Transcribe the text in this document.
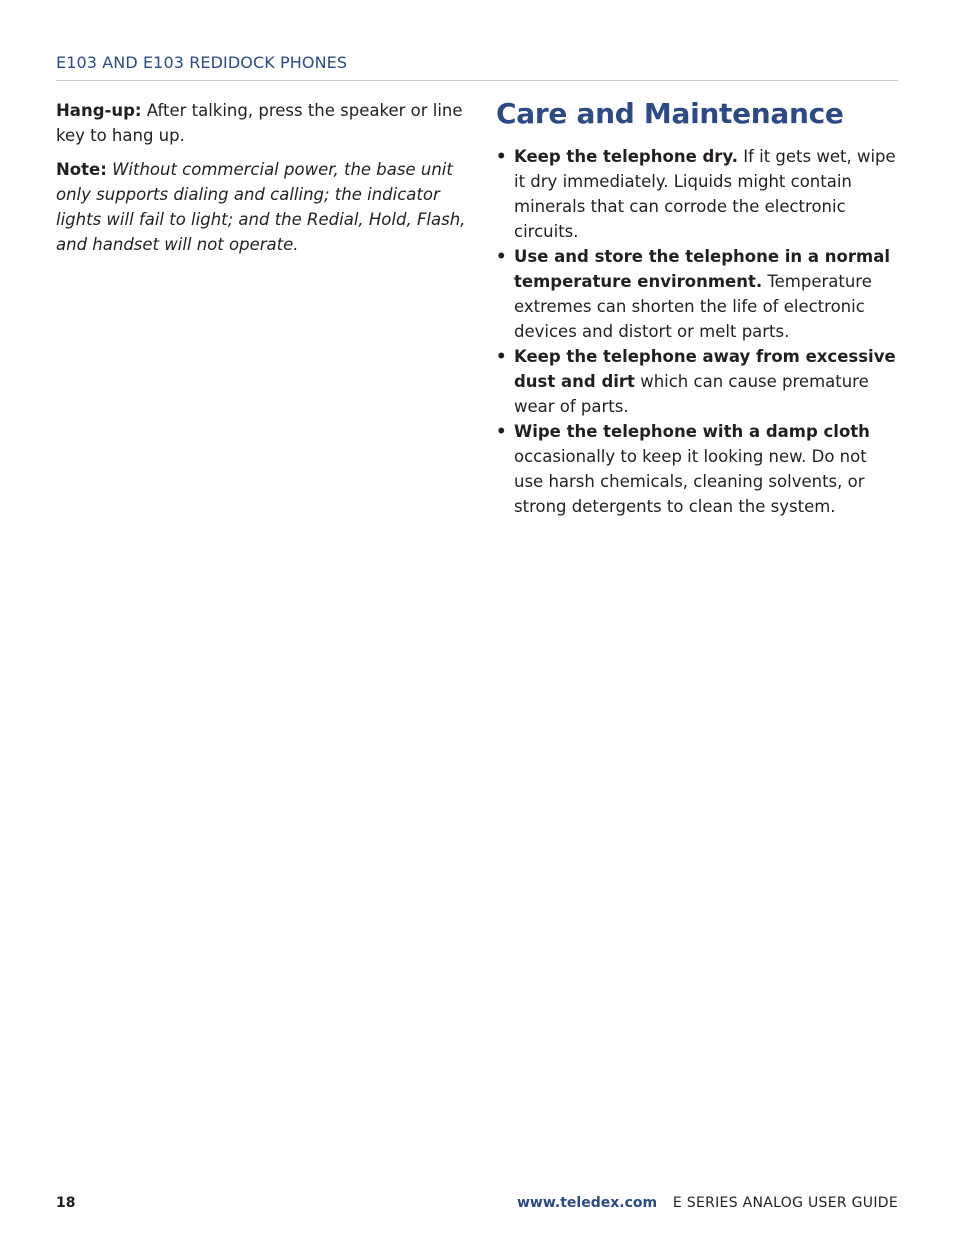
E103 AND E103 REDIDOCK PHONES

Hang-up: After talking, press the speaker or line key to hang up.

Note: Without commercial power, the base unit only supports dialing and calling; the indicator lights will fail to light; and the Redial, Hold, Flash, and handset will not operate.

Care and Maintenance
• Keep the telephone dry. If it gets wet, wipe it dry immediately. Liquids might contain minerals that can corrode the electronic circuits.
• Use and store the telephone in a normal temperature environment. Temperature extremes can shorten the life of electronic devices and distort or melt parts.
• Keep the telephone away from excessive dust and dirt which can cause premature wear of parts.
• Wipe the telephone with a damp cloth occasionally to keep it looking new. Do not use harsh chemicals, cleaning solvents, or strong detergents to clean the system.
18	www.teledex.com E SERIES ANALOG USER GUIDE
